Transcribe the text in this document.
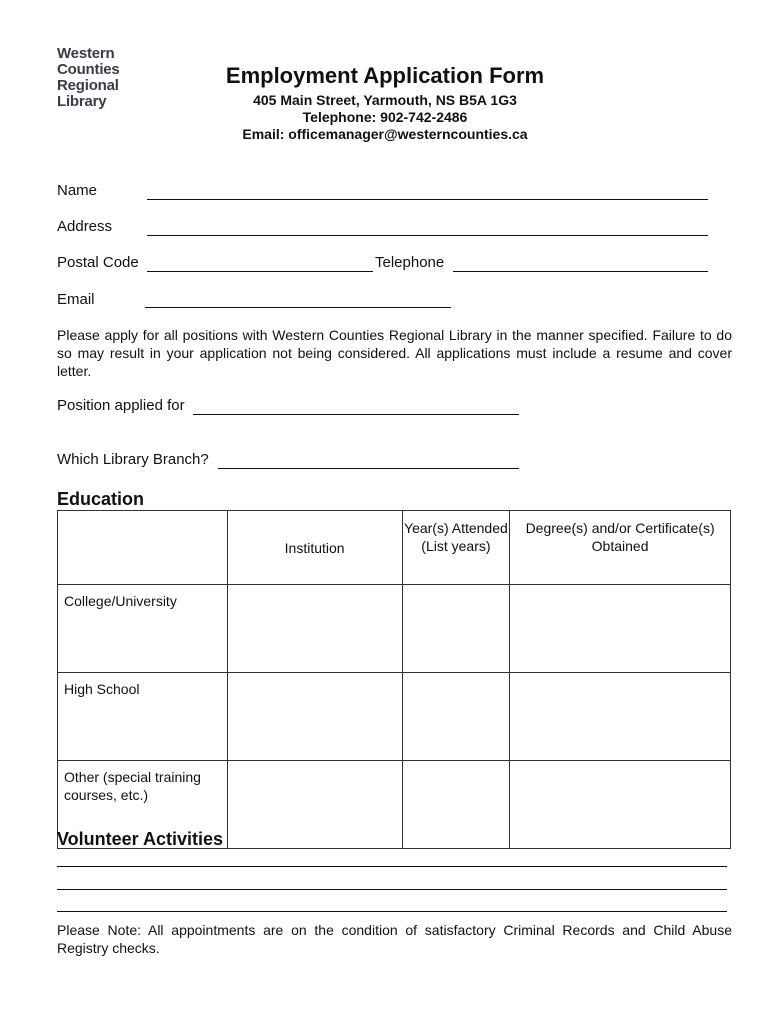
Western
Counties
Regional
Library
Employment Application Form
405 Main Street, Yarmouth, NS B5A 1G3
Telephone: 902-742-2486
Email: officemanager@westerncounties.ca
Name
Address
Postal Code	Telephone
Email
Please apply for all positions with Western Counties Regional Library in the manner specified. Failure to do so may result in your application not being considered. All applications must include a resume and cover letter.
Position applied for
Which Library Branch?
Education
	Institution	Year(s) Attended (List years)	Degree(s) and/or Certificate(s) Obtained
College/University			
High School			
Other (special training courses, etc.)			
Volunteer Activities
Please Note: All appointments are on the condition of satisfactory Criminal Records and Child Abuse Registry checks.
